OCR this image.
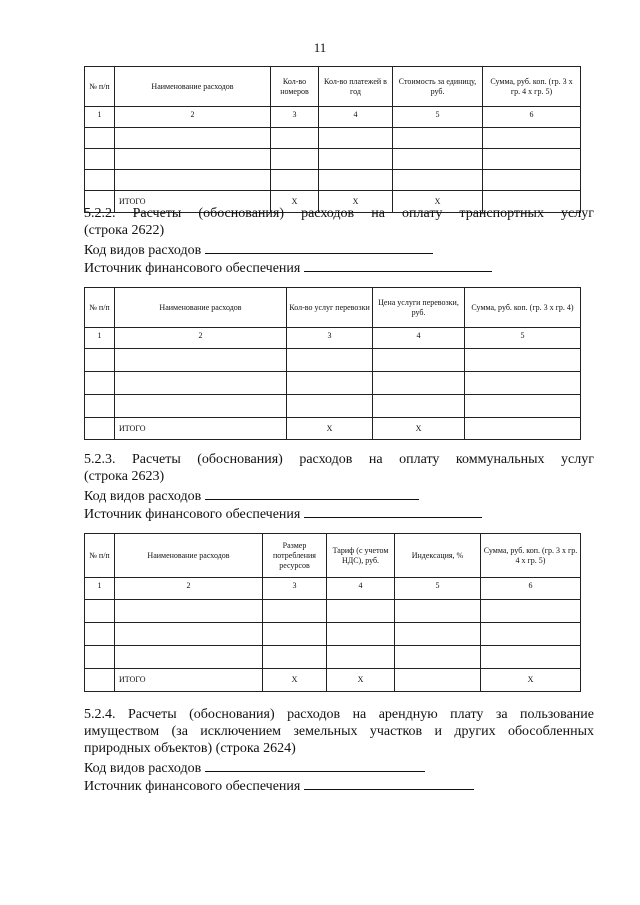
11
№ п/п	Наименование расходов	Кол-во номеров	Кол-во платежей в год	Стоимость за единицу, руб.	Сумма, руб. коп. (гр. 3 x гр. 4 x гр. 5)
1	2	3	4	5	6

	ИТОГО	X	X	X	
5.2.2. Расчеты (обоснования) расходов на оплату транспортных услуг
(строка 2622)
Код видов расходов
Источник финансового обеспечения
№ п/п	Наименование расходов	Кол-во услуг перевозки	Цена услуги перевозки, руб.	Сумма, руб. коп. (гр. 3 x гр. 4)
1	2	3	4	5

	ИТОГО	X	X	
5.2.3. Расчеты (обоснования) расходов на оплату коммунальных услуг
(строка 2623)
Код видов расходов
Источник финансового обеспечения
№ п/п	Наименование расходов	Размер потребления ресурсов	Тариф (с учетом НДС), руб.	Индексация, %	Сумма, руб. коп. (гр. 3 x гр. 4 x гр. 5)
1	2	3	4	5	6

	ИТОГО	X	X		X
5.2.4. Расчеты (обоснования) расходов на арендную плату за пользование
имуществом (за исключением земельных участков и других обособленных
природных объектов) (строка 2624)
Код видов расходов
Источник финансового обеспечения
